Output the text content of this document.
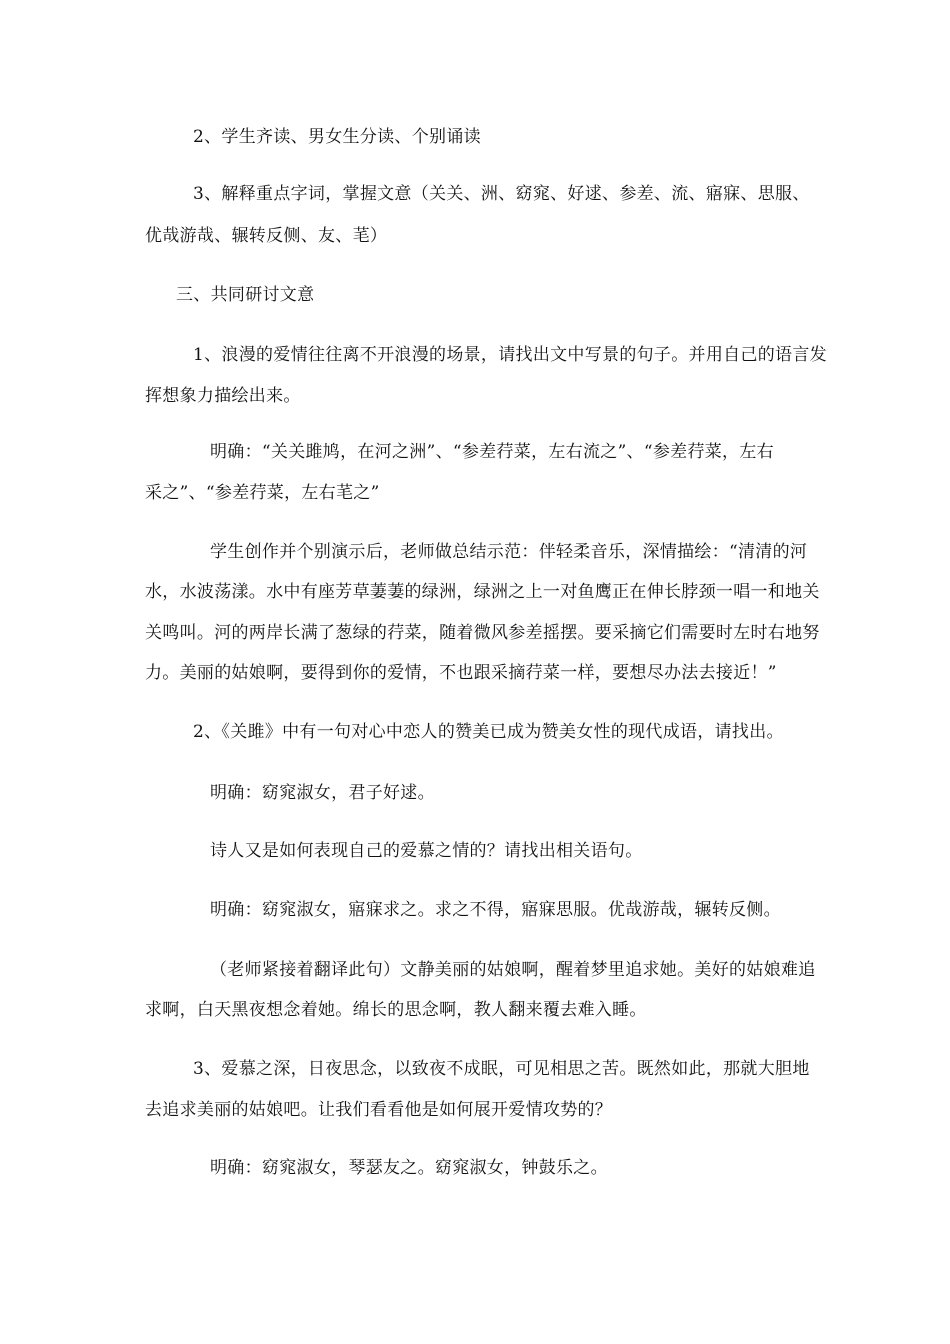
2、学生齐读、男女生分读、个别诵读
3、解释重点字词，掌握文意（关关、洲、窈窕、好逑、参差、流、寤寐、思服、
优哉游哉、辗转反侧、友、芼）
三、共同研讨文意
1、浪漫的爱情往往离不开浪漫的场景，请找出文中写景的句子。并用自己的语言发
挥想象力描绘出来。
明确：“关关雎鸠，在河之洲”、“参差荇菜，左右流之”、“参差荇菜，左右
采之”、“参差荇菜，左右芼之”
学生创作并个别演示后，老师做总结示范：伴轻柔音乐，深情描绘：“清清的河
水，水波荡漾。水中有座芳草萋萋的绿洲，绿洲之上一对鱼鹰正在伸长脖颈一唱一和地关
关鸣叫。河的两岸长满了葱绿的荇菜，随着微风参差摇摆。要采摘它们需要时左时右地努
力。美丽的姑娘啊，要得到你的爱情，不也跟采摘荇菜一样，要想尽办法去接近！”
2、《关雎》中有一句对心中恋人的赞美已成为赞美女性的现代成语，请找出。
明确：窈窕淑女，君子好逑。
诗人又是如何表现自己的爱慕之情的？请找出相关语句。
明确：窈窕淑女，寤寐求之。求之不得，寤寐思服。优哉游哉，辗转反侧。
（老师紧接着翻译此句）文静美丽的姑娘啊，醒着梦里追求她。美好的姑娘难追
求啊，白天黑夜想念着她。绵长的思念啊，教人翻来覆去难入睡。
3、爱慕之深，日夜思念，以致夜不成眠，可见相思之苦。既然如此，那就大胆地
去追求美丽的姑娘吧。让我们看看他是如何展开爱情攻势的？
明确：窈窕淑女，琴瑟友之。窈窕淑女，钟鼓乐之。
